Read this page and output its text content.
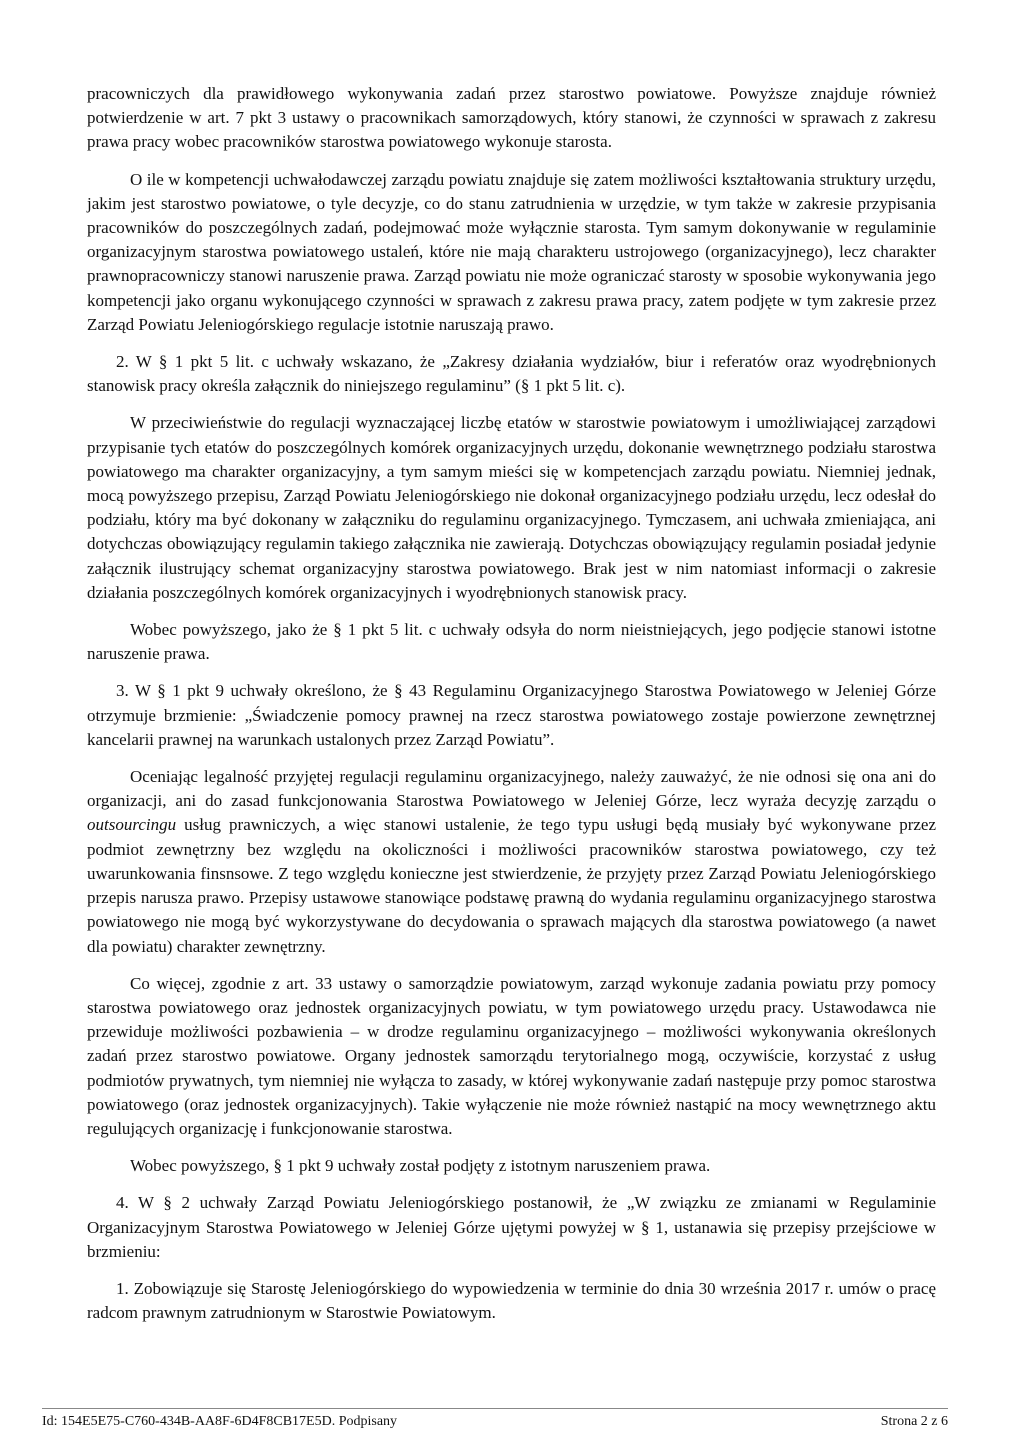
pracowniczych dla prawidłowego wykonywania zadań przez starostwo powiatowe. Powyższe znajduje również potwierdzenie w art. 7 pkt 3 ustawy o pracownikach samorządowych, który stanowi, że czynności w sprawach z zakresu prawa pracy wobec pracowników starostwa powiatowego wykonuje starosta.

O ile w kompetencji uchwałodawczej zarządu powiatu znajduje się zatem możliwości kształtowania struktury urzędu, jakim jest starostwo powiatowe, o tyle decyzje, co do stanu zatrudnienia w urzędzie, w tym także w zakresie przypisania pracowników do poszczególnych zadań, podejmować może wyłącznie starosta. Tym samym dokonywanie w regulaminie organizacyjnym starostwa powiatowego ustaleń, które nie mają charakteru ustrojowego (organizacyjnego), lecz charakter prawnopracowniczy stanowi naruszenie prawa. Zarząd powiatu nie może ograniczać starosty w sposobie wykonywania jego kompetencji jako organu wykonującego czynności w sprawach z zakresu prawa pracy, zatem podjęte w tym zakresie przez Zarząd Powiatu Jeleniogórskiego regulacje istotnie naruszają prawo.

2. W § 1 pkt 5 lit. c uchwały wskazano, że „Zakresy działania wydziałów, biur i referatów oraz wyodrębnionych stanowisk pracy określa załącznik do niniejszego regulaminu” (§ 1 pkt 5 lit. c).

W przeciwieństwie do regulacji wyznaczającej liczbę etatów w starostwie powiatowym i umożliwiającej zarządowi przypisanie tych etatów do poszczególnych komórek organizacyjnych urzędu, dokonanie wewnętrznego podziału starostwa powiatowego ma charakter organizacyjny, a tym samym mieści się w kompetencjach zarządu powiatu. Niemniej jednak, mocą powyższego przepisu, Zarząd Powiatu Jeleniogórskiego nie dokonał organizacyjnego podziału urzędu, lecz odesłał do podziału, który ma być dokonany w załączniku do regulaminu organizacyjnego. Tymczasem, ani uchwała zmieniająca, ani dotychczas obowiązujący regulamin takiego załącznika nie zawierają. Dotychczas obowiązujący regulamin posiadał jedynie załącznik ilustrujący schemat organizacyjny starostwa powiatowego. Brak jest w nim natomiast informacji o zakresie działania poszczególnych komórek organizacyjnych i wyodrębnionych stanowisk pracy.

Wobec powyższego, jako że § 1 pkt 5 lit. c uchwały odsyła do norm nieistniejących, jego podjęcie stanowi istotne naruszenie prawa.

3. W § 1 pkt 9 uchwały określono, że § 43 Regulaminu Organizacyjnego Starostwa Powiatowego w Jeleniej Górze otrzymuje brzmienie: „Świadczenie pomocy prawnej na rzecz starostwa powiatowego zostaje powierzone zewnętrznej kancelarii prawnej na warunkach ustalonych przez Zarząd Powiatu”.

Oceniając legalność przyjętej regulacji regulaminu organizacyjnego, należy zauważyć, że nie odnosi się ona ani do organizacji, ani do zasad funkcjonowania Starostwa Powiatowego w Jeleniej Górze, lecz wyraża decyzję zarządu o outsourcingu usług prawniczych, a więc stanowi ustalenie, że tego typu usługi będą musiały być wykonywane przez podmiot zewnętrzny bez względu na okoliczności i możliwości pracowników starostwa powiatowego, czy też uwarunkowania finsnsowe. Z tego względu konieczne jest stwierdzenie, że przyjęty przez Zarząd Powiatu Jeleniogórskiego przepis narusza prawo. Przepisy ustawowe stanowiące podstawę prawną do wydania regulaminu organizacyjnego starostwa powiatowego nie mogą być wykorzystywane do decydowania o sprawach mających dla starostwa powiatowego (a nawet dla powiatu) charakter zewnętrzny.

Co więcej, zgodnie z art. 33 ustawy o samorządzie powiatowym, zarząd wykonuje zadania powiatu przy pomocy starostwa powiatowego oraz jednostek organizacyjnych powiatu, w tym powiatowego urzędu pracy. Ustawodawca nie przewiduje możliwości pozbawienia – w drodze regulaminu organizacyjnego – możliwości wykonywania określonych zadań przez starostwo powiatowe. Organy jednostek samorządu terytorialnego mogą, oczywiście, korzystać z usług podmiotów prywatnych, tym niemniej nie wyłącza to zasady, w której wykonywanie zadań następuje przy pomoc starostwa powiatowego (oraz jednostek organizacyjnych). Takie wyłączenie nie może również nastąpić na mocy wewnętrznego aktu regulujących organizację i funkcjonowanie starostwa.

Wobec powyższego, § 1 pkt 9 uchwały został podjęty z istotnym naruszeniem prawa.

4. W § 2 uchwały Zarząd Powiatu Jeleniogórskiego postanowił, że „W związku ze zmianami w Regulaminie Organizacyjnym Starostwa Powiatowego w Jeleniej Górze ujętymi powyżej w § 1, ustanawia się przepisy przejściowe w brzmieniu:

1. Zobowiązuje się Starostę Jeleniogórskiego do wypowiedzenia w terminie do dnia 30 września 2017 r. umów o pracę radcom prawnym zatrudnionym w Starostwie Powiatowym.

Id: 154E5E75-C760-434B-AA8F-6D4F8CB17E5D. Podpisany	Strona 2 z 6
